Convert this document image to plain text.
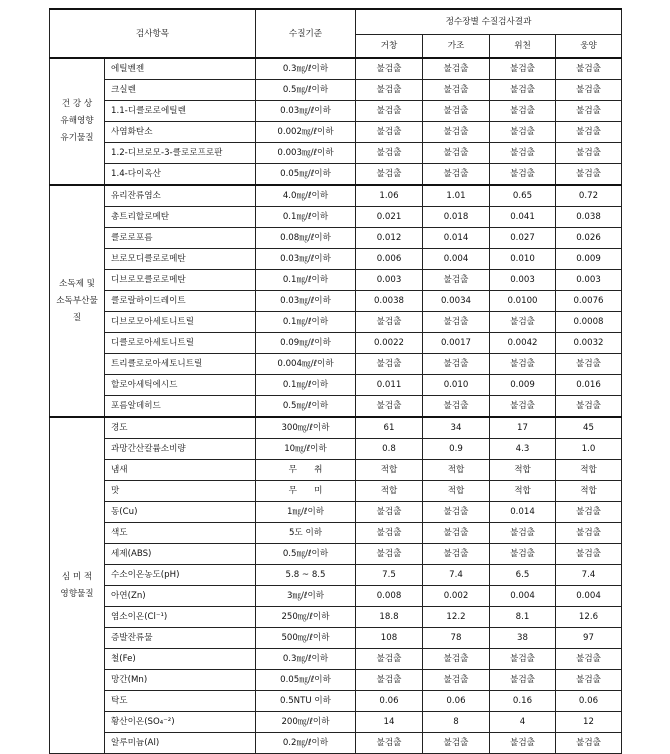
검사항목		수질기준	정수장별 수질검사결과			
			거창	가조	위천	웅양
건 강 상
유해영향
유기물질	에틸벤젠	0.3㎎/ℓ이하	불검출	불검출	불검출	불검출
	크실렌	0.5㎎/ℓ이하	불검출	불검출	불검출	불검출
	1.1-디클로로에틸렌	0.03㎎/ℓ이하	불검출	불검출	불검출	불검출
	사염화탄소	0.002㎎/ℓ이하	불검출	불검출	불검출	불검출
	1.2-디브로모-3-클로로프로판	0.003㎎/ℓ이하	불검출	불검출	불검출	불검출
	1.4-다이옥산	0.05㎎/ℓ이하	불검출	불검출	불검출	불검출
소독제 및
소독부산물질	유리잔류염소	4.0㎎/ℓ이하	1.06	1.01	0.65	0.72
	총트리할로메탄	0.1㎎/ℓ이하	0.021	0.018	0.041	0.038
	클로로포름	0.08㎎/ℓ이하	0.012	0.014	0.027	0.026
	브로모디클로로메탄	0.03㎎/ℓ이하	0.006	0.004	0.010	0.009
	디브로모클로로메탄	0.1㎎/ℓ이하	0.003	불검출	0.003	0.003
	클로랄하이드레이트	0.03㎎/ℓ이하	0.0038	0.0034	0.0100	0.0076
	디브로모아세토니트릴	0.1㎎/ℓ이하	불검출	불검출	불검출	0.0008
	디클로로아세토니트릴	0.09㎎/ℓ이하	0.0022	0.0017	0.0042	0.0032
	트리클로로아세토니트릴	0.004㎎/ℓ이하	불검출	불검출	불검출	불검출
	할로아세틱에시드	0.1㎎/ℓ이하	0.011	0.010	0.009	0.016
	포름알데히드	0.5㎎/ℓ이하	불검출	불검출	불검출	불검출
심 미 적
영향물질	경도	300㎎/ℓ이하	61	34	17	45
	과망간산칼륨소비량	10㎎/ℓ이하	0.8	0.9	4.3	1.0
	냄새	무　　취	적합	적합	적합	적합
	맛	무　　미	적합	적합	적합	적합
	동(Cu)	1㎎/ℓ이하	불검출	불검출	0.014	불검출
	색도	5도 이하	불검출	불검출	불검출	불검출
	세제(ABS)	0.5㎎/ℓ이하	불검출	불검출	불검출	불검출
	수소이온농도(pH)	5.8 ~ 8.5	7.5	7.4	6.5	7.4
	아연(Zn)	3㎎/ℓ이하	0.008	0.002	0.004	0.004
	염소이온(Cl⁻¹)	250㎎/ℓ이하	18.8	12.2	8.1	12.6
	증발잔류물	500㎎/ℓ이하	108	78	38	97
	철(Fe)	0.3㎎/ℓ이하	불검출	불검출	불검출	불검출
	망간(Mn)	0.05㎎/ℓ이하	불검출	불검출	불검출	불검출
	탁도	0.5NTU 이하	0.06	0.06	0.16	0.06
	황산이온(SO₄⁻²)	200㎎/ℓ이하	14	8	4	12
	알루미늄(Al)	0.2㎎/ℓ이하	불검출	불검출	불검출	불검출
